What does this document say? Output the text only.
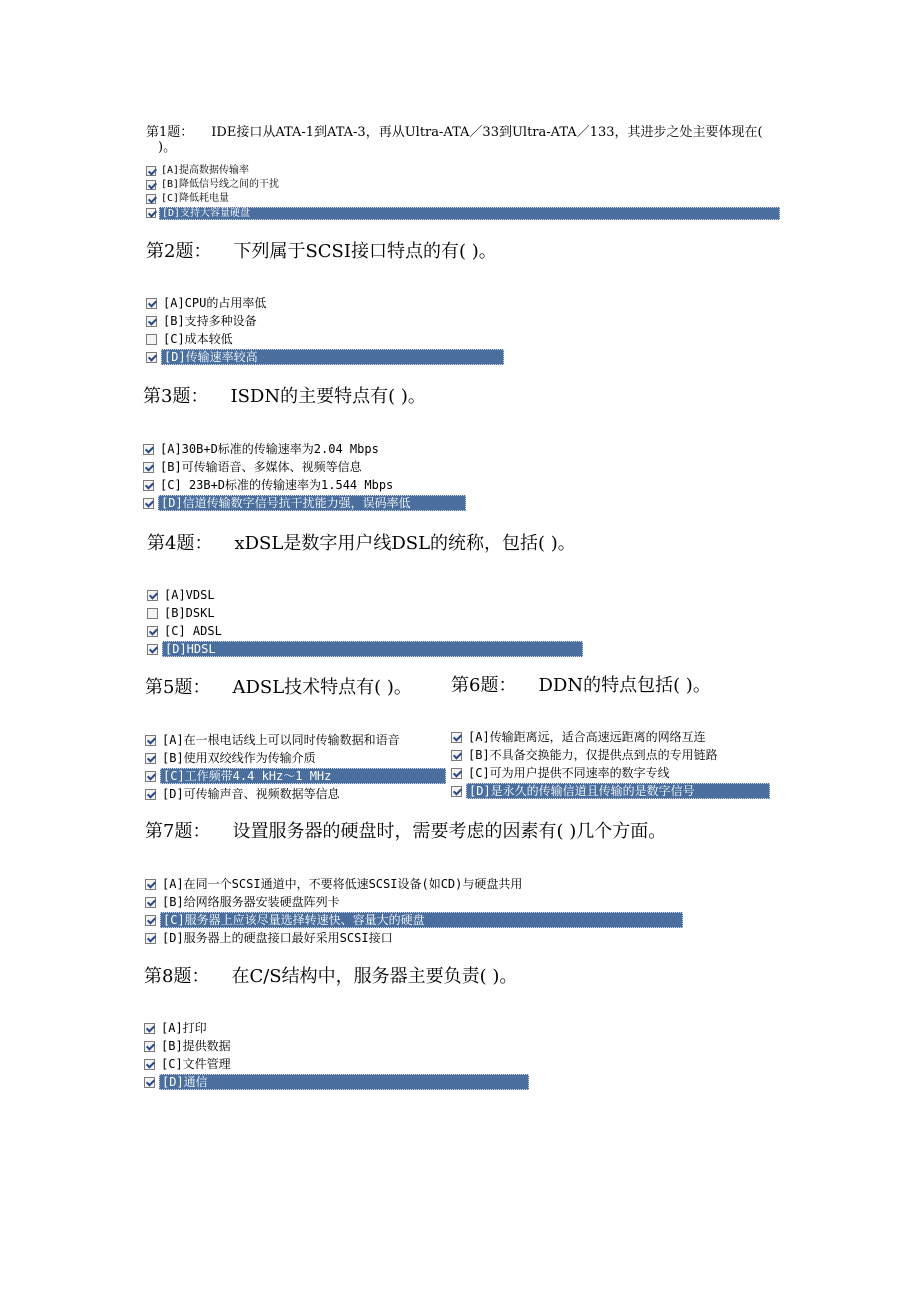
第1题： IDE接口从ATA-1到ATA-3，再从Ultra-ATA／33到Ultra-ATA／133，其进步之处主要体现在(
)。
[A]提高数据传输率
[B]降低信号线之间的干扰
[C]降低耗电量
[D]支持大容量硬盘
第2题： 下列属于SCSI接口特点的有( )。
[A]CPU的占用率低
[B]支持多种设备
[C]成本较低
[D]传输速率较高
第3题： ISDN的主要特点有( )。
[A]30B+D标准的传输速率为2.04 Mbps
[B]可传输语音、多媒体、视频等信息
[C] 23B+D标准的传输速率为1.544 Mbps
[D]信道传输数字信号抗干扰能力强，误码率低
第4题： xDSL是数字用户线DSL的统称，包括( )。
[A]VDSL
[B]DSKL
[C] ADSL
[D]HDSL
第5题： ADSL技术特点有( )。
[A]在一根电话线上可以同时传输数据和语音
[B]使用双绞线作为传输介质
[C]工作频带4.4 kHz～1 MHz
[D]可传输声音、视频数据等信息
第6题： DDN的特点包括( )。
[A]传输距离远，适合高速远距离的网络互连
[B]不具备交换能力，仅提供点到点的专用链路
[C]可为用户提供不同速率的数字专线
[D]是永久的传输信道且传输的是数字信号
第7题： 设置服务器的硬盘时，需要考虑的因素有( )几个方面。
[A]在同一个SCSI通道中，不要将低速SCSI设备(如CD)与硬盘共用
[B]给网络服务器安装硬盘阵列卡
[C]服务器上应该尽量选择转速快、容量大的硬盘
[D]服务器上的硬盘接口最好采用SCSI接口
第8题： 在C/S结构中，服务器主要负责( )。
[A]打印
[B]提供数据
[C]文件管理
[D]通信
